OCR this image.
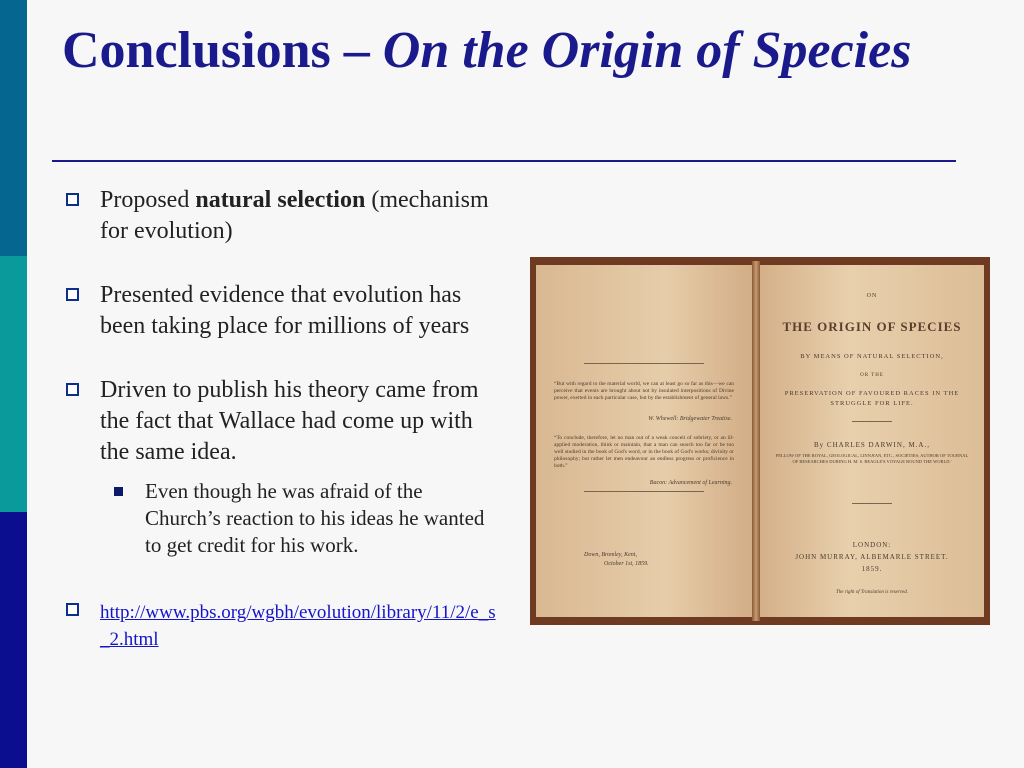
Conclusions – On the Origin of Species
Proposed natural selection (mechanism for evolution)
Presented evidence that evolution has been taking place for millions of years
Driven to publish his theory came from the fact that Wallace had come up with the same idea.
Even though he was afraid of the Church’s reaction to his ideas he wanted to get credit for his work.
http://www.pbs.org/wgbh/evolution/library/11/2/e_s_2.html
“But with regard to the material world, we can at least go so far as this—we can perceive that events are brought about not by insulated interpositions of Divine power, exerted in each particular case, but by the establishment of general laws.”
W. Whewell: Bridgewater Treatise.
“To conclude, therefore, let no man out of a weak conceit of sobriety, or an ill-applied moderation, think or maintain, that a man can search too far or be too well studied in the book of God's word, or in the book of God's works; divinity or philosophy; but rather let men endeavour an endless progress or proficience in both.”
Bacon: Advancement of Learning.
Down, Bromley, Kent,
October 1st, 1859.
ON
THE ORIGIN OF SPECIES
BY MEANS OF NATURAL SELECTION,
OR THE
PRESERVATION OF FAVOURED RACES IN THE STRUGGLE FOR LIFE.
By CHARLES DARWIN, M.A.,
FELLOW OF THE ROYAL, GEOLOGICAL, LINNÆAN, ETC., SOCIETIES; AUTHOR OF 'JOURNAL OF RESEARCHES DURING H. M. S. BEAGLE'S VOYAGE ROUND THE WORLD.'
LONDON:
JOHN MURRAY, ALBEMARLE STREET.
1859.
The right of Translation is reserved.
